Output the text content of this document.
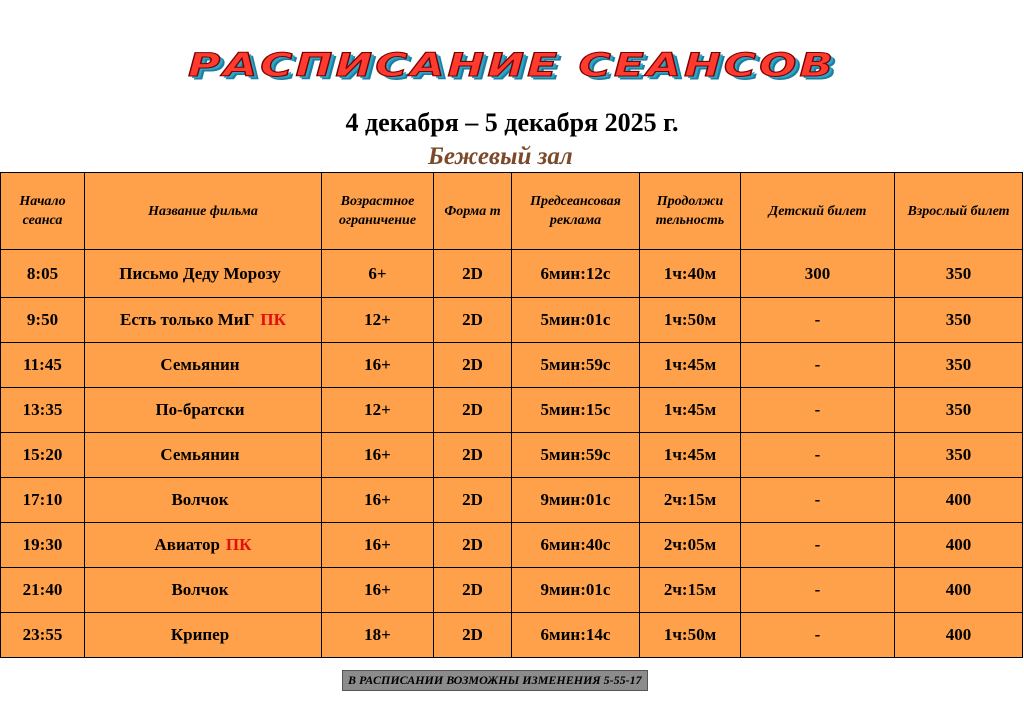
РАСПИСАНИЕ СЕАНСОВ
4 декабря – 5 декабря 2025 г.
Бежевый зал
Начало сеанса	Название фильма	Возрастное ограничение	Форма т	Предсеансовая реклама	Продолжи тельность	Детский билет	Взрослый билет
8:05	Письмо Деду Морозу	6+	2D	6мин:12с	1ч:40м	300	350
9:50	Есть только МиГ ПК	12+	2D	5мин:01с	1ч:50м	-	350
11:45	Семьянин	16+	2D	5мин:59с	1ч:45м	-	350
13:35	По-братски	12+	2D	5мин:15с	1ч:45м	-	350
15:20	Семьянин	16+	2D	5мин:59с	1ч:45м	-	350
17:10	Волчок	16+	2D	9мин:01с	2ч:15м	-	400
19:30	Авиатор ПК	16+	2D	6мин:40с	2ч:05м	-	400
21:40	Волчок	16+	2D	9мин:01с	2ч:15м	-	400
23:55	Крипер	18+	2D	6мин:14с	1ч:50м	-	400
В РАСПИСАНИИ ВОЗМОЖНЫ ИЗМЕНЕНИЯ 5-55-17
